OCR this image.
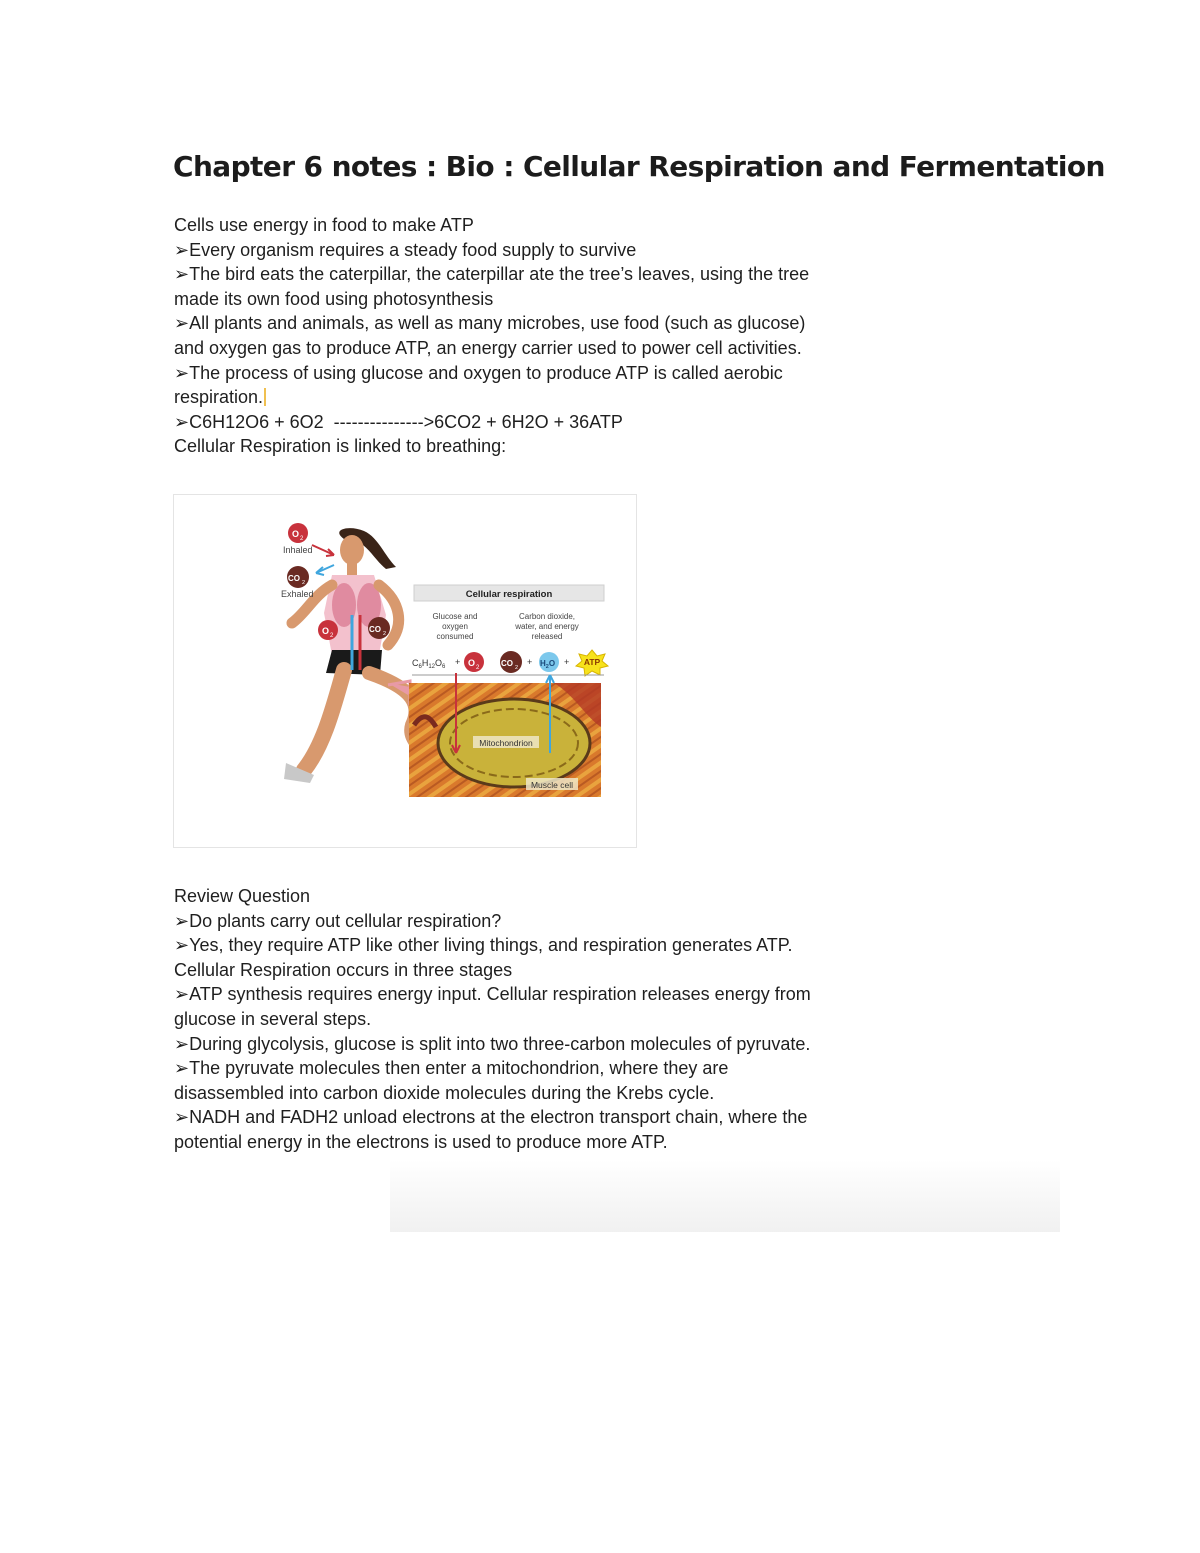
Chapter 6 notes : Bio : Cellular Respiration and Fermentation

Cells use energy in food to make ATP

➢ Every organism requires a steady food supply to survive

➢ The bird eats the caterpillar, the caterpillar ate the tree’s leaves, using the tree made its own food using photosynthesis

➢ All plants and animals, as well as many microbes, use food (such as glucose) and oxygen gas to produce ATP, an energy carrier used to power cell activities.

➢ The process of using glucose and oxygen to produce ATP is called aerobic respiration.

➢ C6H12O6 + 6O2  --------------->6CO2 + 6H2O + 36ATP

Cellular Respiration is linked to breathing:

O 2
Inhaled
CO 2
Exhaled
O 2
CO 2
Cellular respiration
Glucose and
oxygen
consumed
Carbon dioxide,
water, and energy
released
$C_6H_{12}O_6 + O$ 2	CO 2
+ $H_2O$ + ATP
Mitochondrion
Muscle cell

Review Question

➢ Do plants carry out cellular respiration?

➢ Yes, they require ATP like other living things, and respiration generates ATP.

Cellular Respiration occurs in three stages

➢ ATP synthesis requires energy input. Cellular respiration releases energy from glucose in several steps.

➢ During glycolysis, glucose is split into two three-carbon molecules of pyruvate.

➢ The pyruvate molecules then enter a mitochondrion, where they are disassembled into carbon dioxide molecules during the Krebs cycle.

➢ NADH and FADH2 unload electrons at the electron transport chain, where the potential energy in the electrons is used to produce more ATP.
